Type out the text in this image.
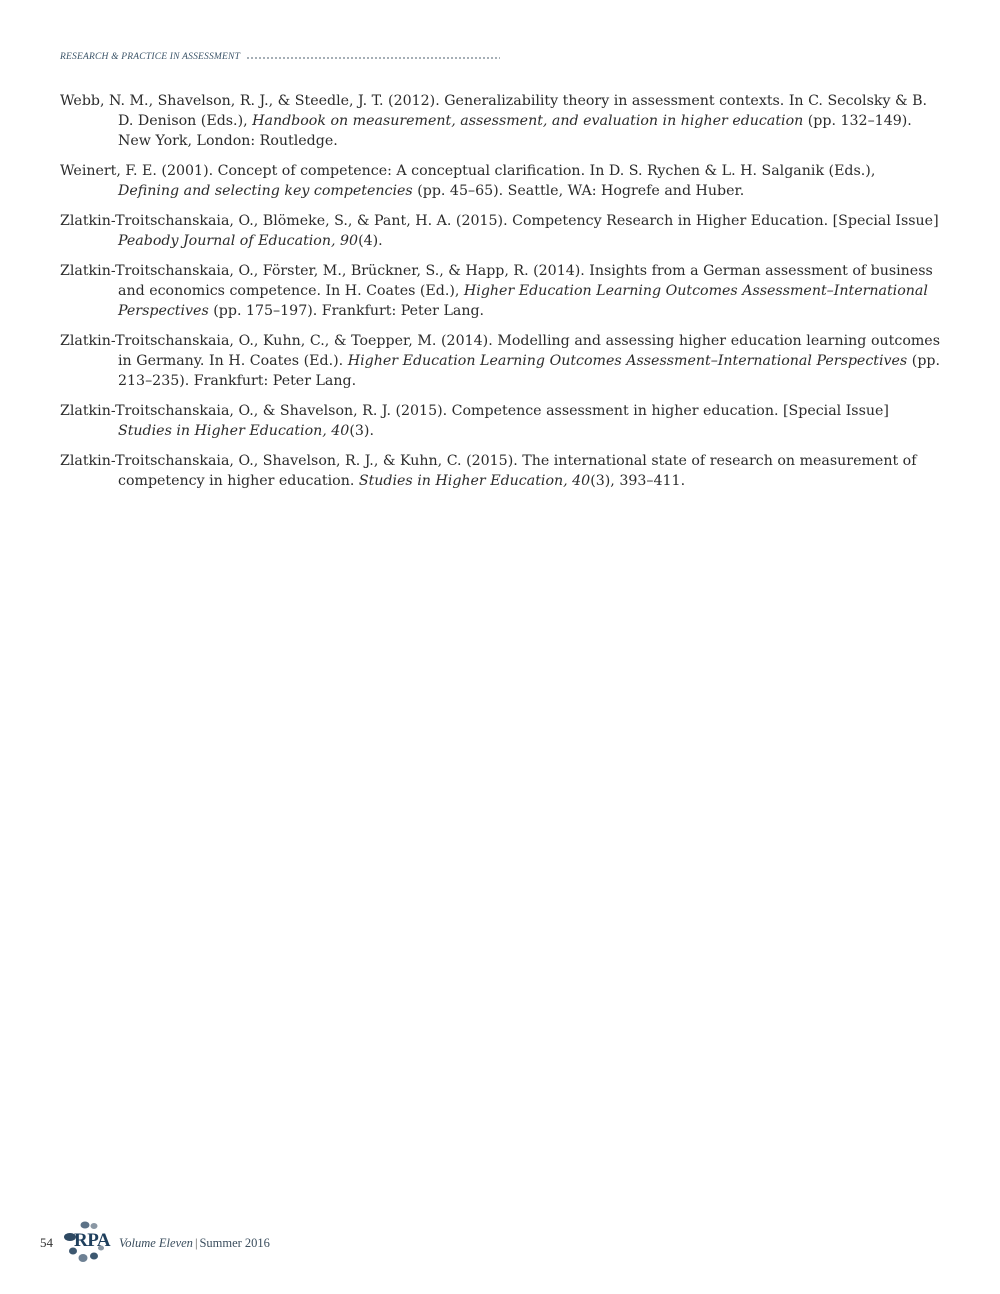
RESEARCH & PRACTICE IN ASSESSMENT
Webb, N. M., Shavelson, R. J., & Steedle, J. T. (2012). Generalizability theory in assessment contexts. In C. Secolsky & B. D. Denison (Eds.), Handbook on measurement, assessment, and evaluation in higher education (pp. 132–149). New York, London: Routledge.
Weinert, F. E. (2001). Concept of competence: A conceptual clarification. In D. S. Rychen & L. H. Salganik (Eds.), Defining and selecting key competencies (pp. 45–65). Seattle, WA: Hogrefe and Huber.
Zlatkin-Troitschanskaia, O., Blömeke, S., & Pant, H. A. (2015). Competency Research in Higher Education. [Special Issue] Peabody Journal of Education, 90(4).
Zlatkin-Troitschanskaia, O., Förster, M., Brückner, S., & Happ, R. (2014). Insights from a German assessment of business and economics competence. In H. Coates (Ed.), Higher Education Learning Outcomes Assessment–International Perspectives (pp. 175–197). Frankfurt: Peter Lang.
Zlatkin-Troitschanskaia, O., Kuhn, C., & Toepper, M. (2014). Modelling and assessing higher education learning outcomes in Germany. In H. Coates (Ed.). Higher Education Learning Outcomes Assessment–International Perspectives (pp. 213–235). Frankfurt: Peter Lang.
Zlatkin-Troitschanskaia, O., & Shavelson, R. J. (2015). Competence assessment in higher education. [Special Issue] Studies in Higher Education, 40(3).
Zlatkin-Troitschanskaia, O., Shavelson, R. J., & Kuhn, C. (2015). The international state of research on measurement of competency in higher education. Studies in Higher Education, 40(3), 393–411.
54 RPA Volume Eleven | Summer 2016
